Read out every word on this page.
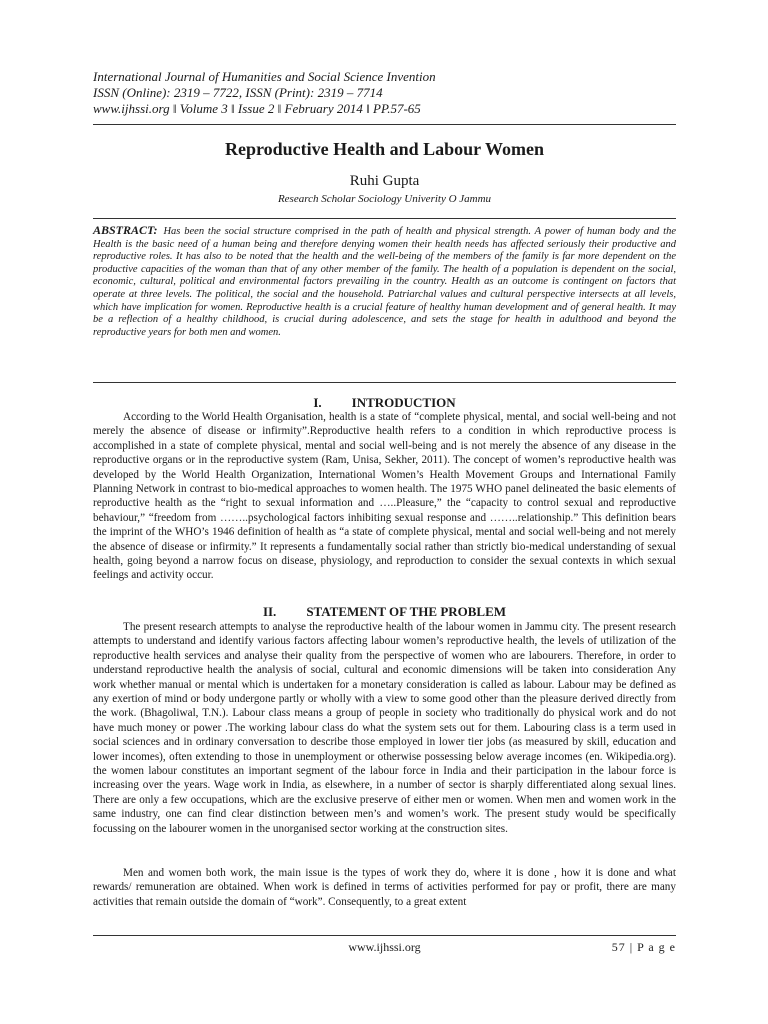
International Journal of Humanities and Social Science Invention
ISSN (Online): 2319 – 7722, ISSN (Print): 2319 – 7714
www.ijhssi.org ǁ Volume 3 ǁ Issue 2 ǁ February 2014 ǁ PP.57-65
Reproductive Health and Labour Women
Ruhi Gupta
Research Scholar Sociology Univerity O Jammu
ABSTRACT: Has been the social structure comprised in the path of health and physical strength. A power of human body and the Health is the basic need of a human being and therefore denying women their health needs has affected seriously their productive and reproductive roles. It has also to be noted that the health and the well-being of the members of the family is far more dependent on the productive capacities of the woman than that of any other member of the family. The health of a population is dependent on the social, economic, cultural, political and environmental factors prevailing in the country. Health as an outcome is contingent on factors that operate at three levels. The political, the social and the household. Patriarchal values and cultural perspective intersects at all levels, which have implication for women. Reproductive health is a crucial feature of healthy human development and of general health. It may be a reflection of a healthy childhood, is crucial during adolescence, and sets the stage for health in adulthood and beyond the reproductive years for both men and women.
I. INTRODUCTION

According to the World Health Organisation, health is a state of “complete physical, mental, and social well-being and not merely the absence of disease or infirmity”.Reproductive health refers to a condition in which reproductive process is accomplished in a state of complete physical, mental and social well-being and is not merely the absence of any disease in the reproductive organs or in the reproductive system (Ram, Unisa, Sekher, 2011). The concept of women’s reproductive health was developed by the World Health Organization, International Women’s Health Movement Groups and International Family Planning Network in contrast to bio-medical approaches to women health. The 1975 WHO panel delineated the basic elements of reproductive health as the “right to sexual information and …..Pleasure,” the “capacity to control sexual and reproductive behaviour,” “freedom from ……..psychological factors inhibiting sexual response and ……..relationship.” This definition bears the imprint of the WHO’s 1946 definition of health as “a state of complete physical, mental and social well-being and not merely the absence of disease or infirmity.” It represents a fundamentally social rather than strictly bio-medical understanding of sexual health, going beyond a narrow focus on disease, physiology, and reproduction to consider the sexual contexts in which sexual feelings and activity occur.

II. STATEMENT OF THE PROBLEM

The present research attempts to analyse the reproductive health of the labour women in Jammu city. The present research attempts to understand and identify various factors affecting labour women’s reproductive health, the levels of utilization of the reproductive health services and analyse their quality from the perspective of women who are labourers. Therefore, in order to understand reproductive health the analysis of social, cultural and economic dimensions will be taken into consideration Any work whether manual or mental which is undertaken for a monetary consideration is called as labour. Labour may be defined as any exertion of mind or body undergone partly or wholly with a view to some good other than the pleasure derived directly from the work. (Bhagoliwal, T.N.). Labour class means a group of people in society who traditionally do physical work and do not have much money or power .The working labour class do what the system sets out for them. Labouring class is a term used in social sciences and in ordinary conversation to describe those employed in lower tier jobs (as measured by skill, education and lower incomes), often extending to those in unemployment or otherwise possessing below average incomes (en. Wikipedia.org). the women labour constitutes an important segment of the labour force in India and their participation in the labour force is increasing over the years. Wage work in India, as elsewhere, in a number of sector is sharply differentiated along sexual lines. There are only a few occupations, which are the exclusive preserve of either men or women. When men and women work in the same industry, one can find clear distinction between men’s and women’s work. The present study would be specifically focussing on the labourer women in the unorganised sector working at the construction sites.

Men and women both work, the main issue is the types of work they do, where it is done , how it is done and what rewards/ remuneration are obtained. When work is defined in terms of activities performed for pay or profit, there are many activities that remain outside the domain of “work”. Consequently, to a great extent

www.ijhssi.org	57 | P a g e
